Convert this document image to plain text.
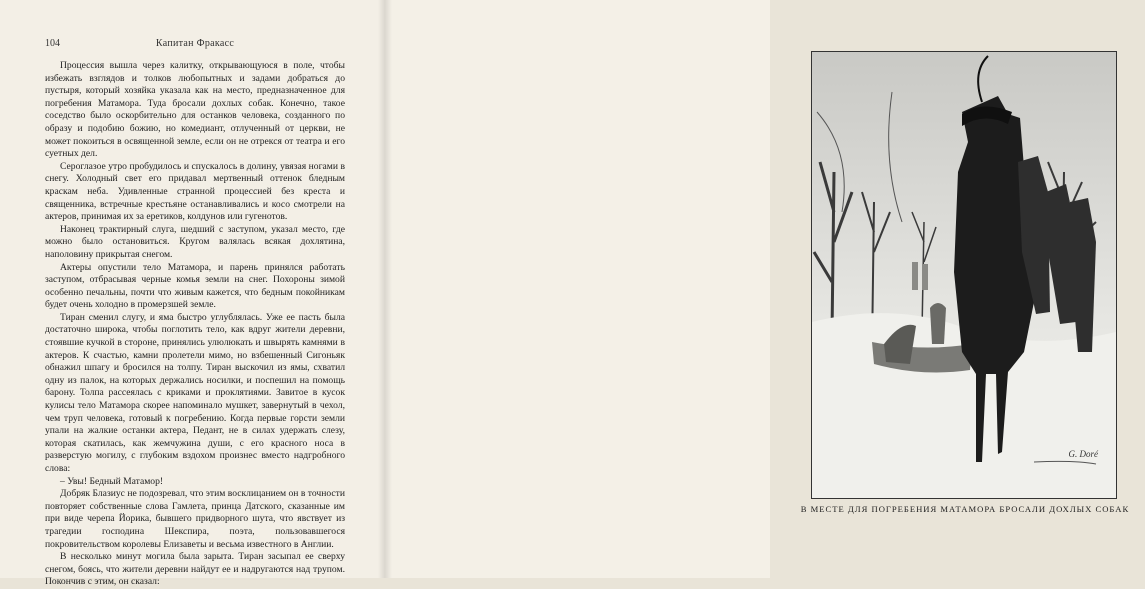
104	Капитан Фракасс

Процессия вышла через калитку, открывающуюся в поле, чтобы избежать взглядов и толков любопытных и задами добраться до пустыря, который хозяйка указала как на место, предназначенное для погребения Матамора. Туда бросали дохлых собак. Конечно, такое соседство было оскорбительно для останков человека, созданного по образу и подобию божию, но комедиант, отлученный от церкви, не может покоиться в освященной земле, если он не отрекся от театра и его суетных дел.

Сероглазое утро пробудилось и спускалось в долину, увязая ногами в снегу. Холодный свет его придавал мертвенный оттенок бледным краскам неба. Удивленные странной процессией без креста и священника, встречные крестьяне останавливались и косо смотрели на актеров, принимая их за еретиков, колдунов или гугенотов.

Наконец трактирный слуга, шедший с заступом, указал место, где можно было остановиться. Кругом валялась всякая дохлятина, наполовину прикрытая снегом.

Актеры опустили тело Матамора, и парень принялся работать заступом, отбрасывая черные комья земли на снег. Похороны зимой особенно печальны, почти что живым кажется, что бедным покойникам будет очень холодно в промерзшей земле.

Тиран сменил слугу, и яма быстро углублялась. Уже ее пасть была достаточно широка, чтобы поглотить тело, как вдруг жители деревни, стоявшие кучкой в стороне, принялись улюлюкать и швырять камнями в актеров. К счастью, камни пролетели мимо, но взбешенный Сигоньяк обнажил шпагу и бросился на толпу. Тиран выскочил из ямы, схватил одну из палок, на которых держались носилки, и поспешил на помощь барону. Толпа рассеялась с криками и проклятиями. Завитое в кусок кулисы тело Матамора скорее напоминало мушкет, завернутый в чехол, чем труп человека, готовый к погребению. Когда первые горсти земли упали на жалкие останки актера, Педант, не в силах удержать слезу, которая скатилась, как жемчужина души, с его красного носа в разверстую могилу, с глубоким вздохом произнес вместо надгробного слова:

– Увы! Бедный Матамор!

Добряк Блазиус не подозревал, что этим восклицанием он в точности повторяет собственные слова Гамлета, принца Датского, сказанные им при виде черепа Йорика, бывшего придворного шута, что явствует из трагедии господина Шекспира, поэта, пользовавшегося покровительством королевы Елизаветы и весьма известного в Англии.

В несколько минут могила была зарыта. Тиран засыпал ее сверху снегом, боясь, что жители деревни найдут ее и надругаются над трупом. Покончив с этим, он сказал:

G. Doré
В МЕСТЕ ДЛЯ ПОГРЕБЕНИЯ МАТАМОРА БРОСАЛИ ДОХЛЫХ СОБАК
